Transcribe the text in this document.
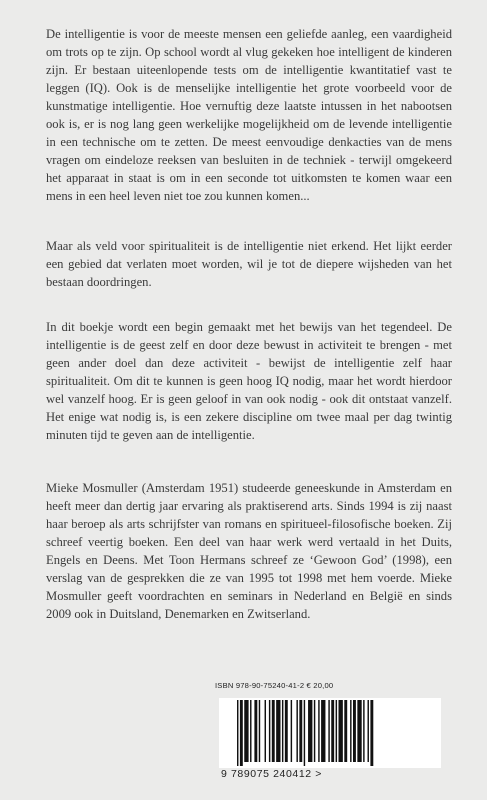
De intelligentie is voor de meeste mensen een geliefde aanleg, een vaardigheid om trots op te zijn. Op school wordt al vlug gekeken hoe intelligent de kinderen zijn. Er bestaan uiteenlopende tests om de intelligentie kwantitatief vast te leggen (IQ). Ook is de menselijke intelligentie het grote voorbeeld voor de kunstmatige intelligentie. Hoe vernuftig deze laatste intussen in het nabootsen ook is, er is nog lang geen werkelijke mogelijkheid om de levende intelligentie in een technische om te zetten. De meest eenvoudige denkacties van de mens vragen om eindeloze reeksen van besluiten in de techniek - terwijl omgekeerd het apparaat in staat is om in een seconde tot uitkomsten te komen waar een mens in een heel leven niet toe zou kunnen komen...

Maar als veld voor spiritualiteit is de intelligentie niet erkend. Het lijkt eerder een gebied dat verlaten moet worden, wil je tot de diepere wijsheden van het bestaan doordringen.

In dit boekje wordt een begin gemaakt met het bewijs van het tegendeel. De intelligentie is de geest zelf en door deze bewust in activiteit te brengen - met geen ander doel dan deze activiteit - bewijst de intelligentie zelf haar spiritualiteit. Om dit te kunnen is geen hoog IQ nodig, maar het wordt hierdoor wel vanzelf hoog. Er is geen geloof in van ook nodig - ook dit ontstaat vanzelf. Het enige wat nodig is, is een zekere discipline om twee maal per dag twintig minuten tijd te geven aan de intelligentie.

Mieke Mosmuller (Amsterdam 1951) studeerde geneeskunde in Amsterdam en heeft meer dan dertig jaar ervaring als praktiserend arts. Sinds 1994 is zij naast haar beroep als arts schrijfster van romans en spiritueel-filosofische boeken. Zij schreef veertig boeken. Een deel van haar werk werd vertaald in het Duits, Engels en Deens. Met Toon Hermans schreef ze ‘Gewoon God’ (1998), een verslag van de gesprekken die ze van 1995 tot 1998 met hem voerde. Mieke Mosmuller geeft voordrachten en seminars in Nederland en België en sinds 2009 ook in Duitsland, Denemarken en Zwitserland.

ISBN 978-90-75240-41-2 € 20,00
9 789075 240412 >
